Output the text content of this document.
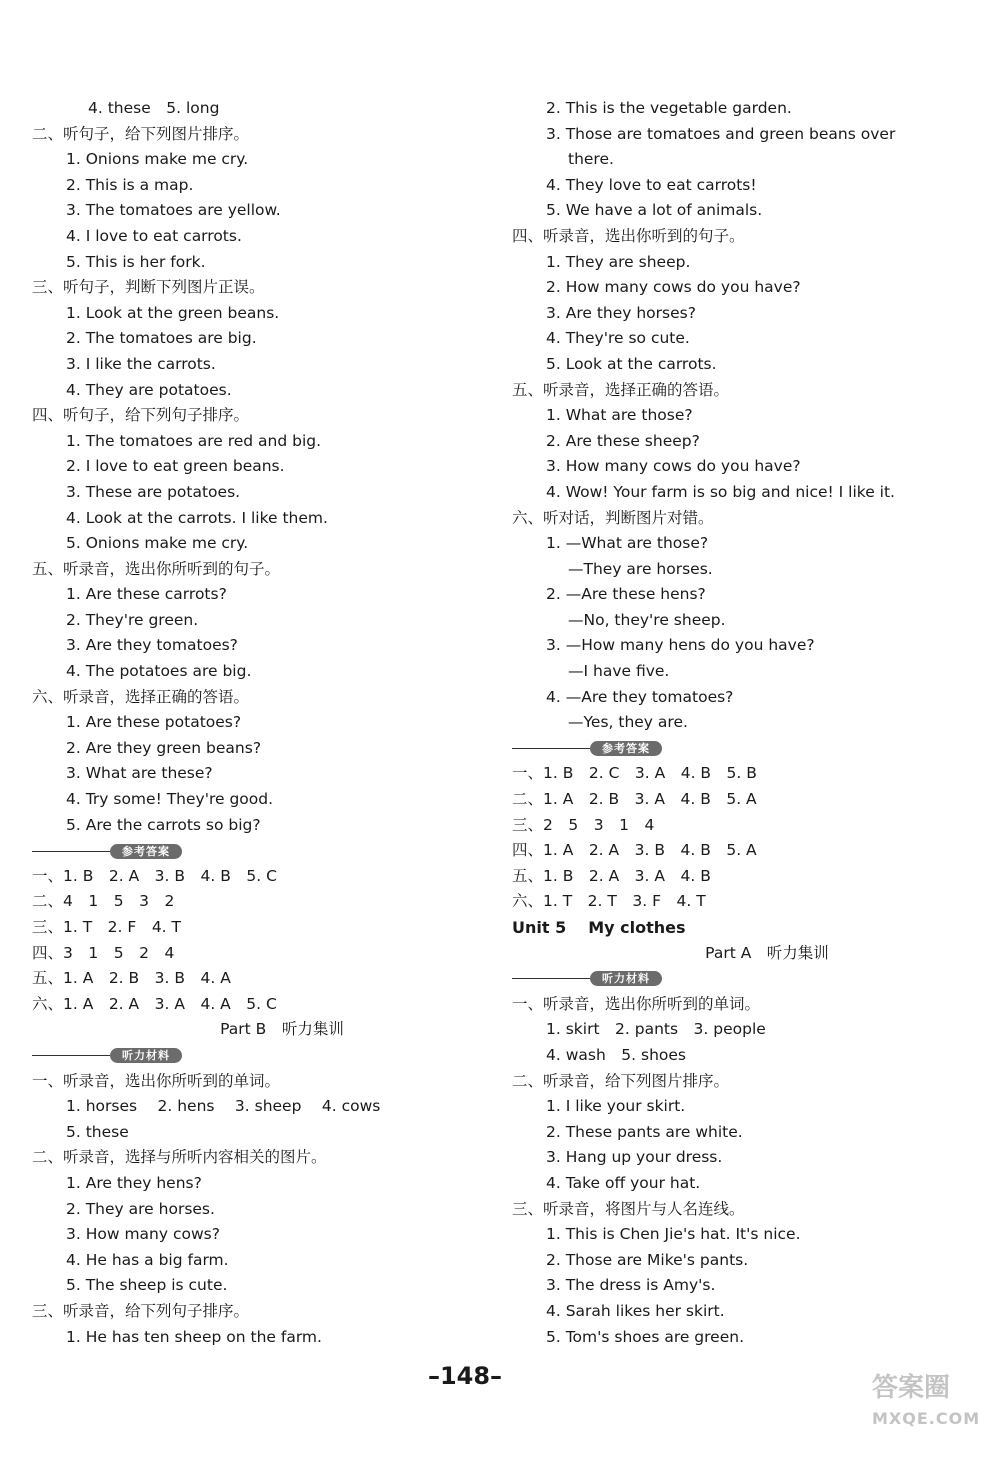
4. these　5. long
二、听句子，给下列图片排序。
1. Onions make me cry.
2. This is a map.
3. The tomatoes are yellow.
4. I love to eat carrots.
5. This is her fork.
三、听句子，判断下列图片正误。
1. Look at the green beans.
2. The tomatoes are big.
3. I like the carrots.
4. They are potatoes.
四、听句子，给下列句子排序。
1. The tomatoes are red and big.
2. I love to eat green beans.
3. These are potatoes.
4. Look at the carrots. I like them.
5. Onions make me cry.
五、听录音，选出你所听到的句子。
1. Are these carrots?
2. They're green.
3. Are they tomatoes?
4. The potatoes are big.
六、听录音，选择正确的答语。
1. Are these potatoes?
2. Are they green beans?
3. What are these?
4. Try some! They're good.
5. Are the carrots so big?
参考答案
一、1. B　2. A　3. B　4. B　5. C
二、4　1　5　3　2
三、1. T　2. F　4. T
四、3　1　5　2　4
五、1. A　2. B　3. B　4. A
六、1. A　2. A　3. A　4. A　5. C
Part B　听力集训
听力材料
一、听录音，选出你所听到的单词。
1. horses　 2. hens　 3. sheep　 4. cows
5. these
二、听录音，选择与所听内容相关的图片。
1. Are they hens?
2. They are horses.
3. How many cows?
4. He has a big farm.
5. The sheep is cute.
三、听录音，给下列句子排序。
1. He has ten sheep on the farm.
2. This is the vegetable garden.
3. Those are tomatoes and green beans over
there.
4. They love to eat carrots!
5. We have a lot of animals.
四、听录音，选出你听到的句子。
1. They are sheep.
2. How many cows do you have?
3. Are they horses?
4. They're so cute.
5. Look at the carrots.
五、听录音，选择正确的答语。
1. What are those?
2. Are these sheep?
3. How many cows do you have?
4. Wow! Your farm is so big and nice! I like it.
六、听对话，判断图片对错。
1. —What are those?
—They are horses.
2. —Are these hens?
—No, they're sheep.
3. —How many hens do you have?
—I have five.
4. —Are they tomatoes?
—Yes, they are.
参考答案
一、1. B　2. C　3. A　4. B　5. B
二、1. A　2. B　3. A　4. B　5. A
三、2　5　3　1　4
四、1. A　2. A　3. B　4. B　5. A
五、1. B　2. A　3. A　4. B
六、1. T　2. T　3. F　4. T
Unit 5 My clothes
Part A　听力集训
听力材料
一、听录音，选出你所听到的单词。
1. skirt　2. pants　3. people
4. wash　5. shoes
二、听录音，给下列图片排序。
1. I like your skirt.
2. These pants are white.
3. Hang up your dress.
4. Take off your hat.
三、听录音，将图片与人名连线。
1. This is Chen Jie's hat. It's nice.
2. Those are Mike's pants.
3. The dress is Amy's.
4. Sarah likes her skirt.
5. Tom's shoes are green.
–148–	答案圈
MXQE.COM
